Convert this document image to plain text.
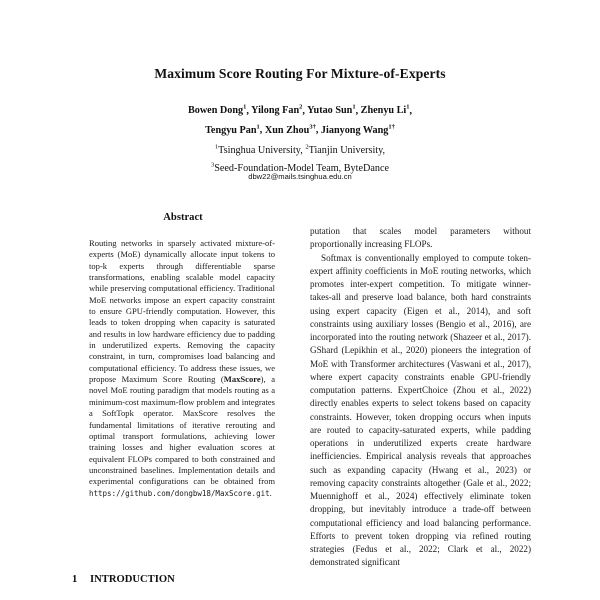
Maximum Score Routing For Mixture-of-Experts
Bowen Dong$^1$, Yilong Fan$^2$, Yutao Sun$^1$, Zhenyu Li$^1$,
Tengyu Pan$^1$, Xun Zhou$^{3\dagger}$, Jianyong Wang$^{1\dagger}$
$^1$Tsinghua University, $^2$Tianjin University,
$^3$Seed-Foundation-Model Team, ByteDance
dbw22@mails.tsinghua.edu.cn
Abstract

Routing networks in sparsely activated mixture-of-experts (MoE) dynamically allocate input tokens to top-k experts through differentiable sparse transformations, enabling scalable model capacity while preserving computational efficiency. Traditional MoE networks impose an expert capacity constraint to ensure GPU-friendly computation. However, this leads to token dropping when capacity is saturated and results in low hardware efficiency due to padding in underutilized experts. Removing the capacity constraint, in turn, compromises load balancing and computational efficiency. To address these issues, we propose Maximum Score Routing (MaxScore), a novel MoE routing paradigm that models routing as a minimum-cost maximum-flow problem and integrates a SoftTopk operator. MaxScore resolves the fundamental limitations of iterative rerouting and optimal transport formulations, achieving lower training losses and higher evaluation scores at equivalent FLOPs compared to both constrained and unconstrained baselines. Implementation details and experimental configurations can be obtained from https://github.com/dongbw18/MaxScore.git.

1 INTRODUCTION

putation that scales model parameters without proportionally increasing FLOPs.

Softmax is conventionally employed to compute token-expert affinity coefficients in MoE routing networks, which promotes inter-expert competition. To mitigate winner-takes-all and preserve load balance, both hard constraints using expert capacity (Eigen et al., 2014), and soft constraints using auxiliary losses (Bengio et al., 2016), are incorporated into the routing network (Shazeer et al., 2017). GShard (Lepikhin et al., 2020) pioneers the integration of MoE with Transformer architectures (Vaswani et al., 2017), where expert capacity constraints enable GPU-friendly computation patterns. ExpertChoice (Zhou et al., 2022) directly enables experts to select tokens based on capacity constraints. However, token dropping occurs when inputs are routed to capacity-saturated experts, while padding operations in underutilized experts create hardware inefficiencies. Empirical analysis reveals that approaches such as expanding capacity (Hwang et al., 2023) or removing capacity constraints altogether (Gale et al., 2022; Muennighoff et al., 2024) effectively eliminate token dropping, but inevitably introduce a trade-off between computational efficiency and load balancing performance. Efforts to prevent token dropping via refined routing strategies (Fedus et al., 2022; Clark et al., 2022) demonstrated significant
